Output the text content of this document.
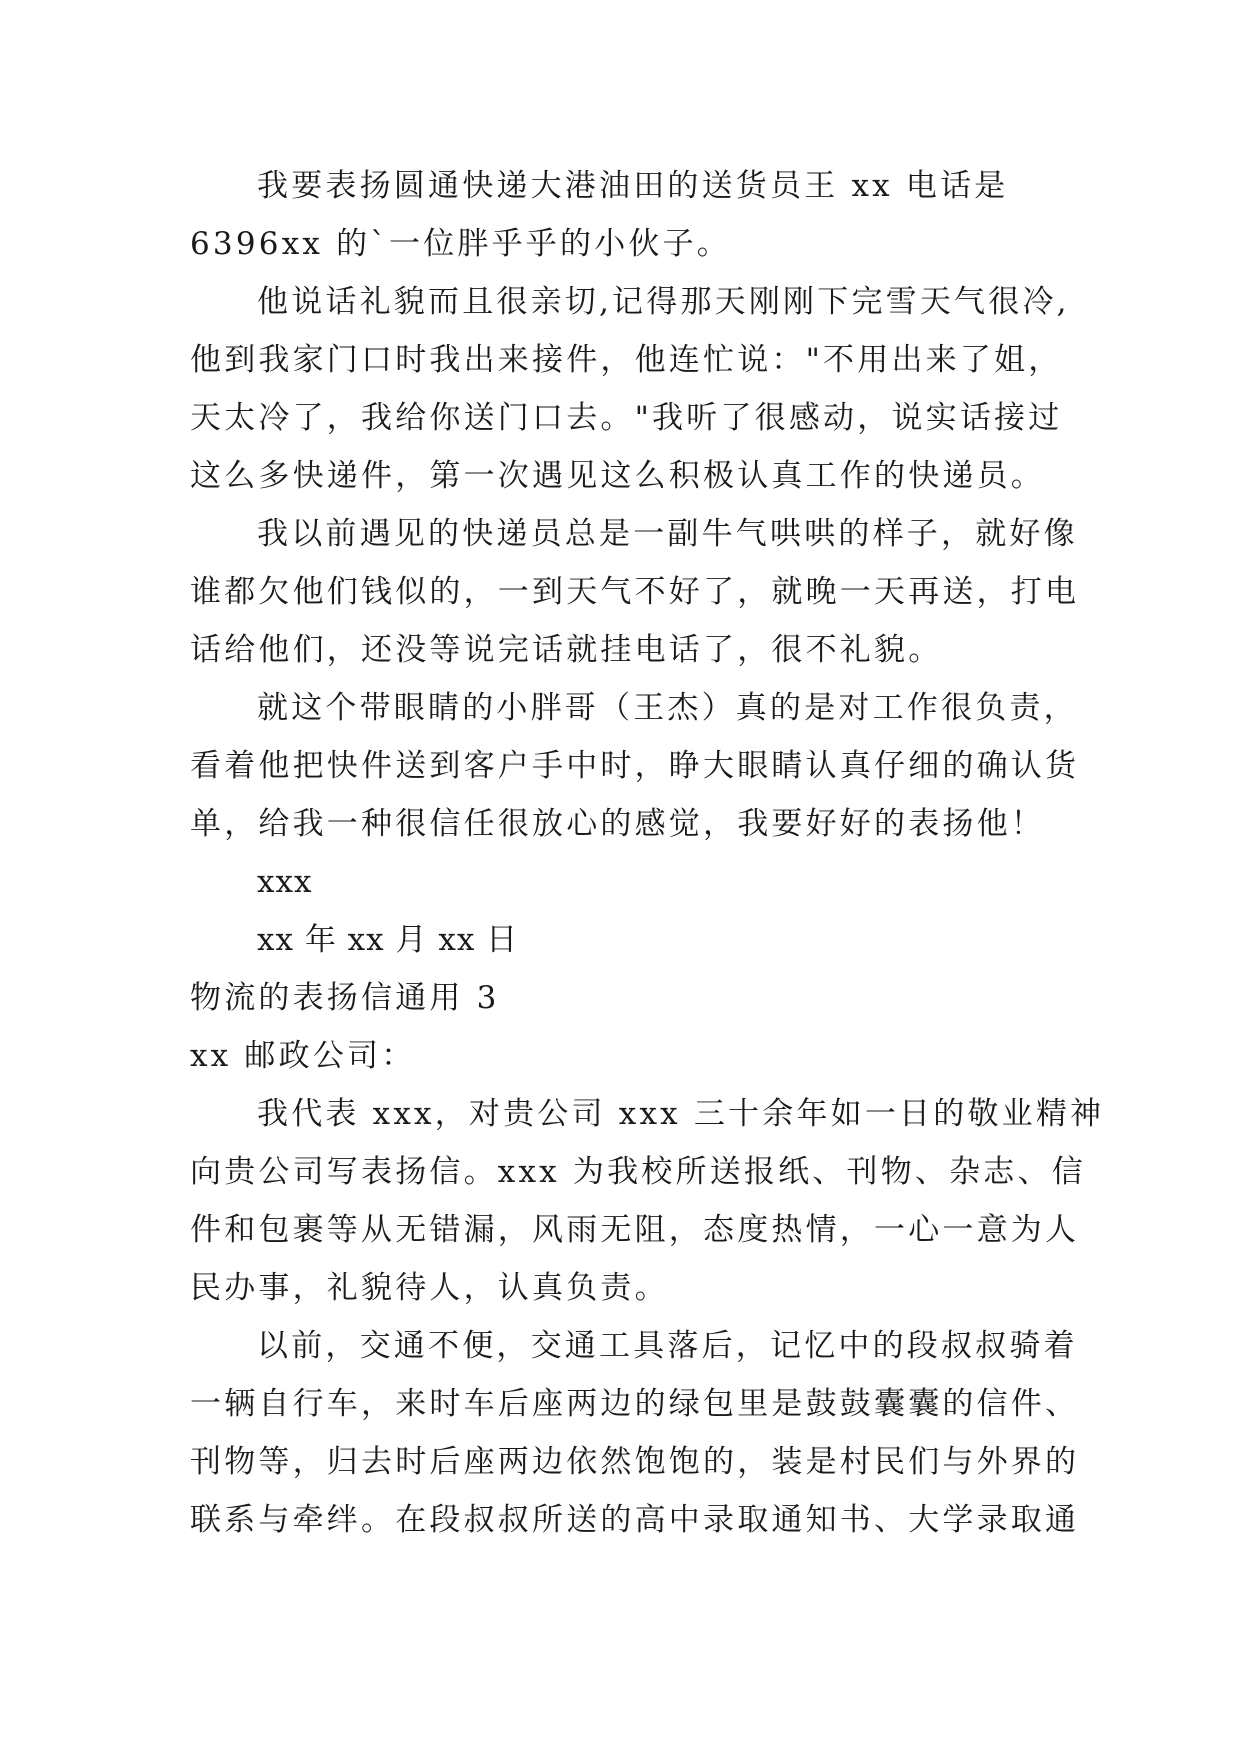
我要表扬圆通快递大港油田的送货员王 xx 电话是
6396xx 的`一位胖乎乎的小伙子。
他说话礼貌而且很亲切,记得那天刚刚下完雪天气很冷,
他到我家门口时我出来接件，他连忙说："不用出来了姐，
天太冷了，我给你送门口去。"我听了很感动，说实话接过
这么多快递件，第一次遇见这么积极认真工作的快递员。
我以前遇见的快递员总是一副牛气哄哄的样子，就好像
谁都欠他们钱似的，一到天气不好了，就晚一天再送，打电
话给他们，还没等说完话就挂电话了，很不礼貌。
就这个带眼睛的小胖哥（王杰）真的是对工作很负责，
看着他把快件送到客户手中时，睁大眼睛认真仔细的确认货
单，给我一种很信任很放心的感觉，我要好好的表扬他！
xxx
xx 年 xx 月 xx 日
物流的表扬信通用 3
xx 邮政公司：
我代表 xxx，对贵公司 xxx 三十余年如一日的敬业精神
向贵公司写表扬信。xxx 为我校所送报纸、刊物、杂志、信
件和包裹等从无错漏，风雨无阻，态度热情，一心一意为人
民办事，礼貌待人，认真负责。
以前，交通不便，交通工具落后，记忆中的段叔叔骑着
一辆自行车，来时车后座两边的绿包里是鼓鼓囊囊的信件、
刊物等，归去时后座两边依然饱饱的，装是村民们与外界的
联系与牵绊。在段叔叔所送的高中录取通知书、大学录取通
